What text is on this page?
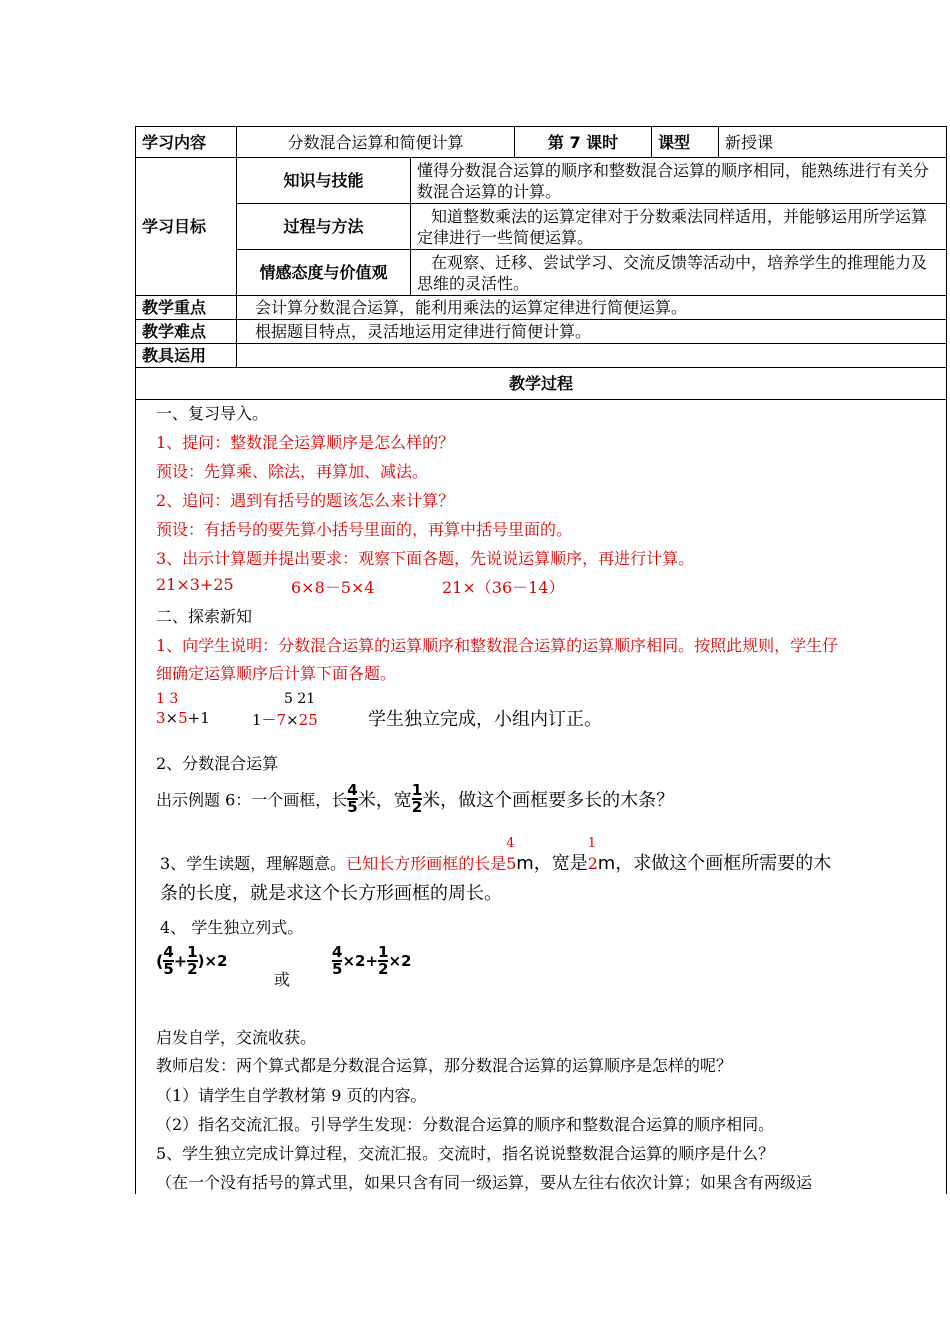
学习内容	分数混合运算和简便计算		第 7 课时	课型	新授课
学习目标	知识与技能	懂得分数混合运算的顺序和整数混合运算的顺序相同，能熟练进行有关分数混合运算的计算。			
	过程与方法	知道整数乘法的运算定律对于分数乘法同样适用，并能够运用所学运算定律进行一些简便运算。			
	情感态度与价值观	在观察、迁移、尝试学习、交流反馈等活动中，培养学生的推理能力及思维的灵活性。			
教学重点	会计算分数混合运算，能利用乘法的运算定律进行简便运算。				
教学难点	根据题目特点，灵活地运用定律进行简便计算。				
教具运用					
教学过程					
一、复习导入。
1、提问：整数混全运算顺序是怎么样的？
预设：先算乘、除法，再算加、减法。
2、追问：遇到有括号的题该怎么来计算？
预设：有括号的要先算小括号里面的，再算中括号里面的。
3、出示计算题并提出要求：观察下面各题，先说说运算顺序，再进行计算。
21×3+25	6×8－5×4	21×（36－14）
二、探索新知
1、向学生说明：分数混合运算的运算顺序和整数混合运算的运算顺序相同。按照此规则，学生仔
细确定运算顺序后计算下面各题。
1 3
3×5+1
5 21
1－7×25	学生独立完成，小组内订正。
2、分数混合运算
出示例题 6：一个画框，长 $\frac{4}{5}$ 米，宽 $\frac{1}{2}$ 米，做这个画框要多长的木条？
3、学生读题，理解题意。已知长方形画框的长是
4
5m，宽是
1
2m，求做这个画框所需要的木
条的长度，就是求这个长方形画框的周长。
4、 学生独立列式。
( $\frac{4}{5} + \frac{1}{2} )\times 2$
或
$\frac{4}{5} \times 2+ \frac{1}{2} \times 2$
启发自学，交流收获。
教师启发：两个算式都是分数混合运算，那分数混合运算的运算顺序是怎样的呢？
（1）请学生自学教材第 9 页的内容。
（2）指名交流汇报。引导学生发现：分数混合运算的顺序和整数混合运算的顺序相同。
5、学生独立完成计算过程，交流汇报。交流时，指名说说整数混合运算的顺序是什么？
（在一个没有括号的算式里，如果只含有同一级运算，要从左往右依次计算；如果含有两级运
